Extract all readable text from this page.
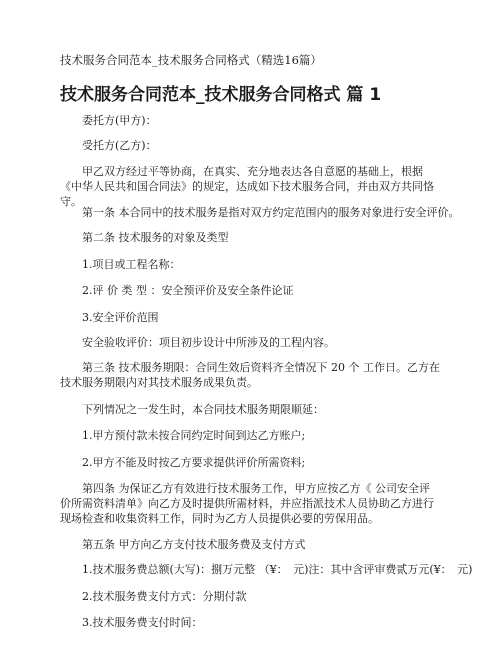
技术服务合同范本_技术服务合同格式（精选16篇）
技术服务合同范本_技术服务合同格式 篇 1
委托方(甲方)：
受托方(乙方)：
甲乙双方经过平等协商，在真实、充分地表达各自意愿的基础上，根据《中华人民共和国合同法》的规定，达成如下技术服务合同，并由双方共同恪守。
第一条 本合同中的技术服务是指对双方约定范围内的服务对象进行安全评价。
第二条 技术服务的对象及类型
1.项目或工程名称：
2.评 价 类 型 ：安全预评价及安全条件论证
3.安全评价范围
安全验收评价：项目初步设计中所涉及的工程内容。
第三条 技术服务期限：合同生效后资料齐全情况下 20 个 工作日。乙方在技术服务期限内对其技术服务成果负责。
下列情况之一发生时，本合同技术服务期限顺延：
1.甲方预付款未按合同约定时间到达乙方账户;
2.甲方不能及时按乙方要求提供评价所需资料;
第四条 为保证乙方有效进行技术服务工作，甲方应按乙方《 公司安全评价所需资料清单》向乙方及时提供所需材料，并应指派技术人员协助乙方进行现场检查和收集资料工作，同时为乙方人员提供必要的劳保用品。
第五条 甲方向乙方支付技术服务费及支付方式
1.技术服务费总额(大写)：捌万元整 （¥：　元)注：其中含评审费贰万元(¥：　元)
2.技术服务费支付方式：分期付款
3.技术服务费支付时间：
